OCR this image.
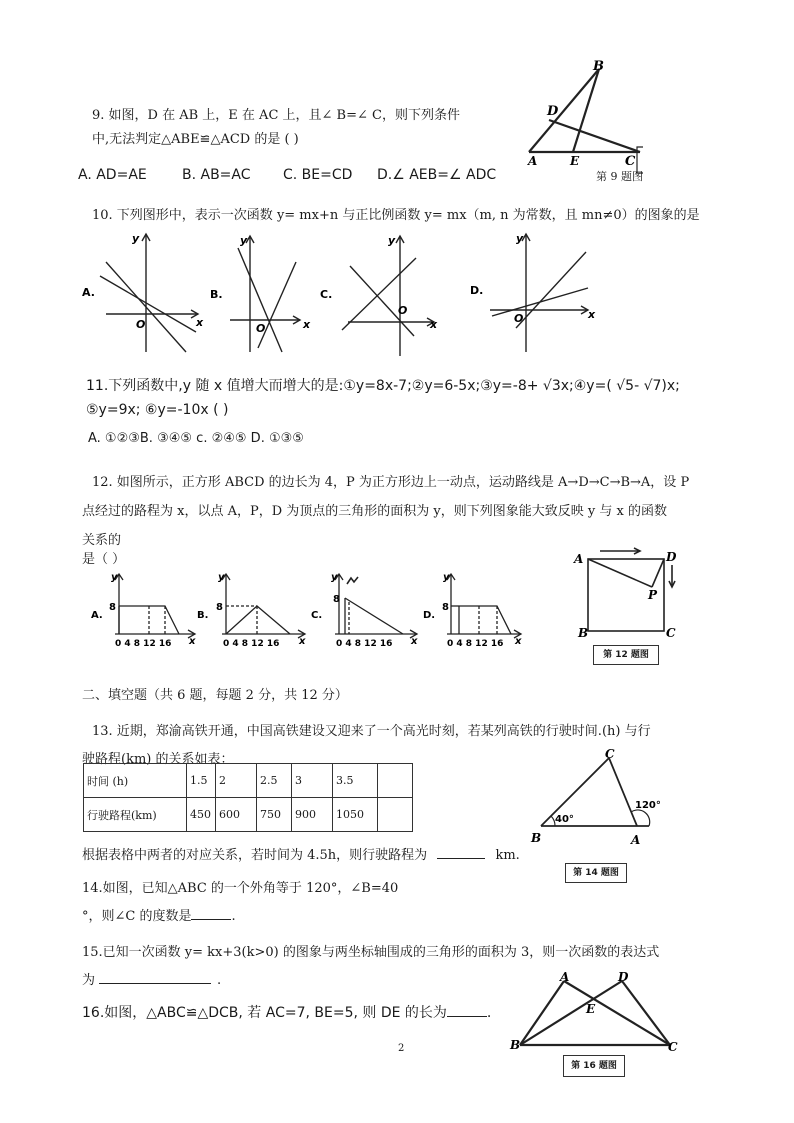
9. 如图，D 在 AB 上，E 在 AC 上，且∠ B=∠ C，则下列条件
中,无法判定△ABE≌△ACD 的是 ( )
A. AD=AE	B. AB=AC C. BE=CD D.∠ AEB=∠ ADC
B
D
A	E	C
第 9 题图
10. 下列图形中，表示一次函数 y= mx+n 与正比例函数 y= mx（m, n 为常数，且 mn≠0）的图象的是
A.
y
O	x
B.
y
O	x
C.
y
O
x
D.
y
O	x
11.下列函数中,y 随 x 值增大而增大的是:①y=8x-7;②y=6-5x;③y=-8+ √3x;④y=( √5- √7)x;
⑤y=9x; ⑥y=-10x ( )
A. ①②③B. ③④⑤ c. ②④⑤ D. ①③⑤
12. 如图所示，正方形 ABCD 的边长为 4，P 为正方形边上一动点，运动路线是 A→D→C→B→A，设 P
点经过的路程为 x，以点 A，P，D 为顶点的三角形的面积为 y，则下列图象能大致反映 y 与 x 的函数
关系的
是（ ）
A.
y
8
0 4 8 12 16 x
B.
y
8
0 4 8 12 16 x
C.
y
8
0 4 8 12 16 x
D.
y
8
0 4 8 12 16 x
A	D
P
B	C
第 12 题图
二、填空题（共 6 题，每题 2 分，共 12 分）
13. 近期，郑渝高铁开通，中国高铁建设又迎来了一个高光时刻，若某列高铁的行驶时间.(h) 与行
驶路程(km) 的关系如表：
时间 (h)	1.5	2	2.5	3	3.5	
行驶路程(km)	450	600	750	900	1050	
根据表格中两者的对应关系，若时间为 4.5h，则行驶路程为	km.
C
B	A
40°
120°
第 14 题图
14.如图，已知△ABC 的一个外角等于 120°，∠B=40
°，则∠C 的度数是	.
15.已知一次函数 y= kx+3(k>0) 的图象与两坐标轴围成的三角形的面积为 3，则一次函数的表达式
为	.
16.如图，△ABC≌△DCB, 若 AC=7, BE=5, 则 DE 的长为	.
A	D
E
B	C
第 16 题图
2
